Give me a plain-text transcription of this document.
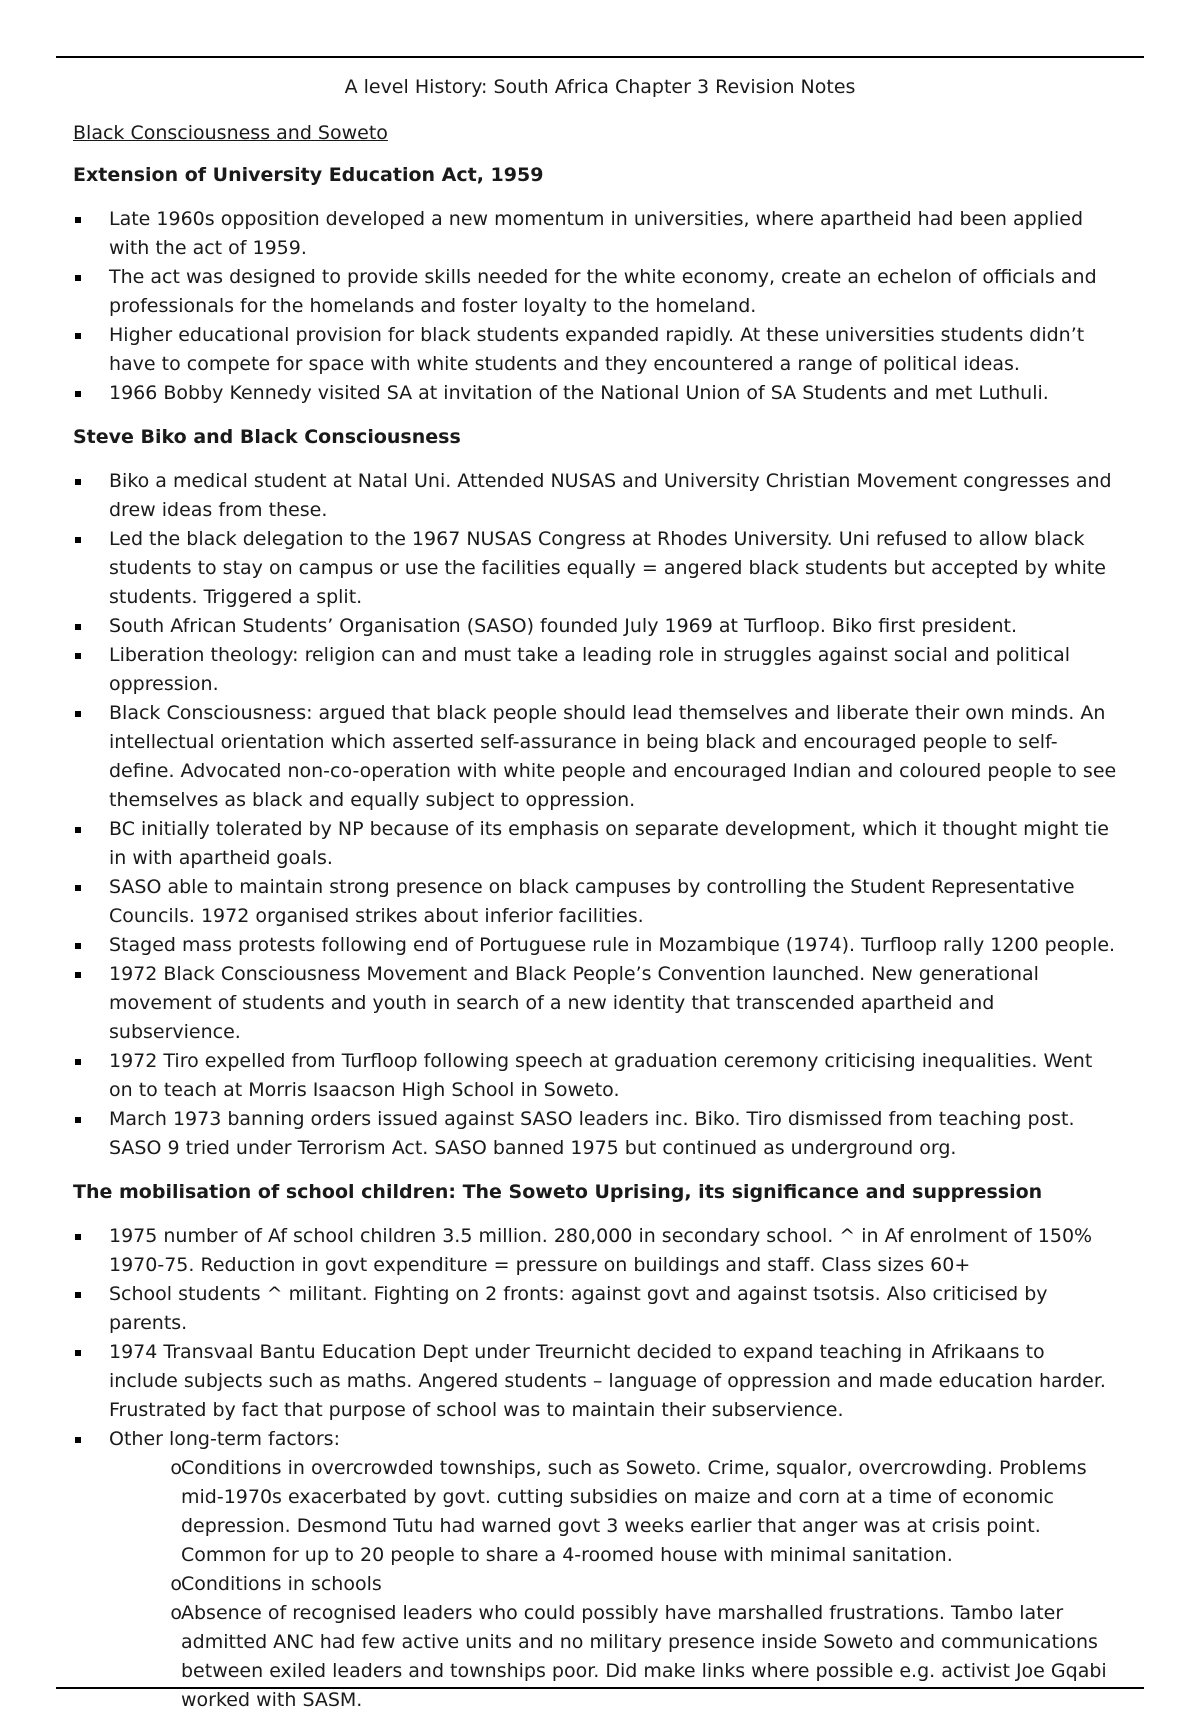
A level History: South Africa Chapter 3 Revision Notes
Black Consciousness and Soweto
Extension of University Education Act, 1959
Late 1960s opposition developed a new momentum in universities, where apartheid had been applied with the act of 1959.
The act was designed to provide skills needed for the white economy, create an echelon of officials and professionals for the homelands and foster loyalty to the homeland.
Higher educational provision for black students expanded rapidly. At these universities students didn’t have to compete for space with white students and they encountered a range of political ideas.
1966 Bobby Kennedy visited SA at invitation of the National Union of SA Students and met Luthuli.
Steve Biko and Black Consciousness
Biko a medical student at Natal Uni. Attended NUSAS and University Christian Movement congresses and drew ideas from these.
Led the black delegation to the 1967 NUSAS Congress at Rhodes University. Uni refused to allow black students to stay on campus or use the facilities equally = angered black students but accepted by white students. Triggered a split.
South African Students’ Organisation (SASO) founded July 1969 at Turfloop. Biko first president.
Liberation theology: religion can and must take a leading role in struggles against social and political oppression.
Black Consciousness: argued that black people should lead themselves and liberate their own minds. An intellectual orientation which asserted self-assurance in being black and encouraged people to self-define. Advocated non-co-operation with white people and encouraged Indian and coloured people to see themselves as black and equally subject to oppression.
BC initially tolerated by NP because of its emphasis on separate development, which it thought might tie in with apartheid goals.
SASO able to maintain strong presence on black campuses by controlling the Student Representative Councils. 1972 organised strikes about inferior facilities.
Staged mass protests following end of Portuguese rule in Mozambique (1974). Turfloop rally 1200 people.
1972 Black Consciousness Movement and Black People’s Convention launched. New generational movement of students and youth in search of a new identity that transcended apartheid and subservience.
1972 Tiro expelled from Turfloop following speech at graduation ceremony criticising inequalities. Went on to teach at Morris Isaacson High School in Soweto.
March 1973 banning orders issued against SASO leaders inc. Biko. Tiro dismissed from teaching post. SASO 9 tried under Terrorism Act. SASO banned 1975 but continued as underground org.
The mobilisation of school children: The Soweto Uprising, its significance and suppression
1975 number of Af school children 3.5 million. 280,000 in secondary school. ^ in Af enrolment of 150% 1970-75. Reduction in govt expenditure = pressure on buildings and staff. Class sizes 60+
School students ^ militant. Fighting on 2 fronts: against govt and against tsotsis. Also criticised by parents.
1974 Transvaal Bantu Education Dept under Treurnicht decided to expand teaching in Afrikaans to include subjects such as maths. Angered students – language of oppression and made education harder. Frustrated by fact that purpose of school was to maintain their subservience.
Other long-term factors:
o Conditions in overcrowded townships, such as Soweto. Crime, squalor, overcrowding. Problems mid-1970s exacerbated by govt. cutting subsidies on maize and corn at a time of economic depression. Desmond Tutu had warned govt 3 weeks earlier that anger was at crisis point. Common for up to 20 people to share a 4-roomed house with minimal sanitation.
o Conditions in schools
o Absence of recognised leaders who could possibly have marshalled frustrations. Tambo later admitted ANC had few active units and no military presence inside Soweto and communications between exiled leaders and townships poor. Did make links where possible e.g. activist Joe Gqabi worked with SASM.
